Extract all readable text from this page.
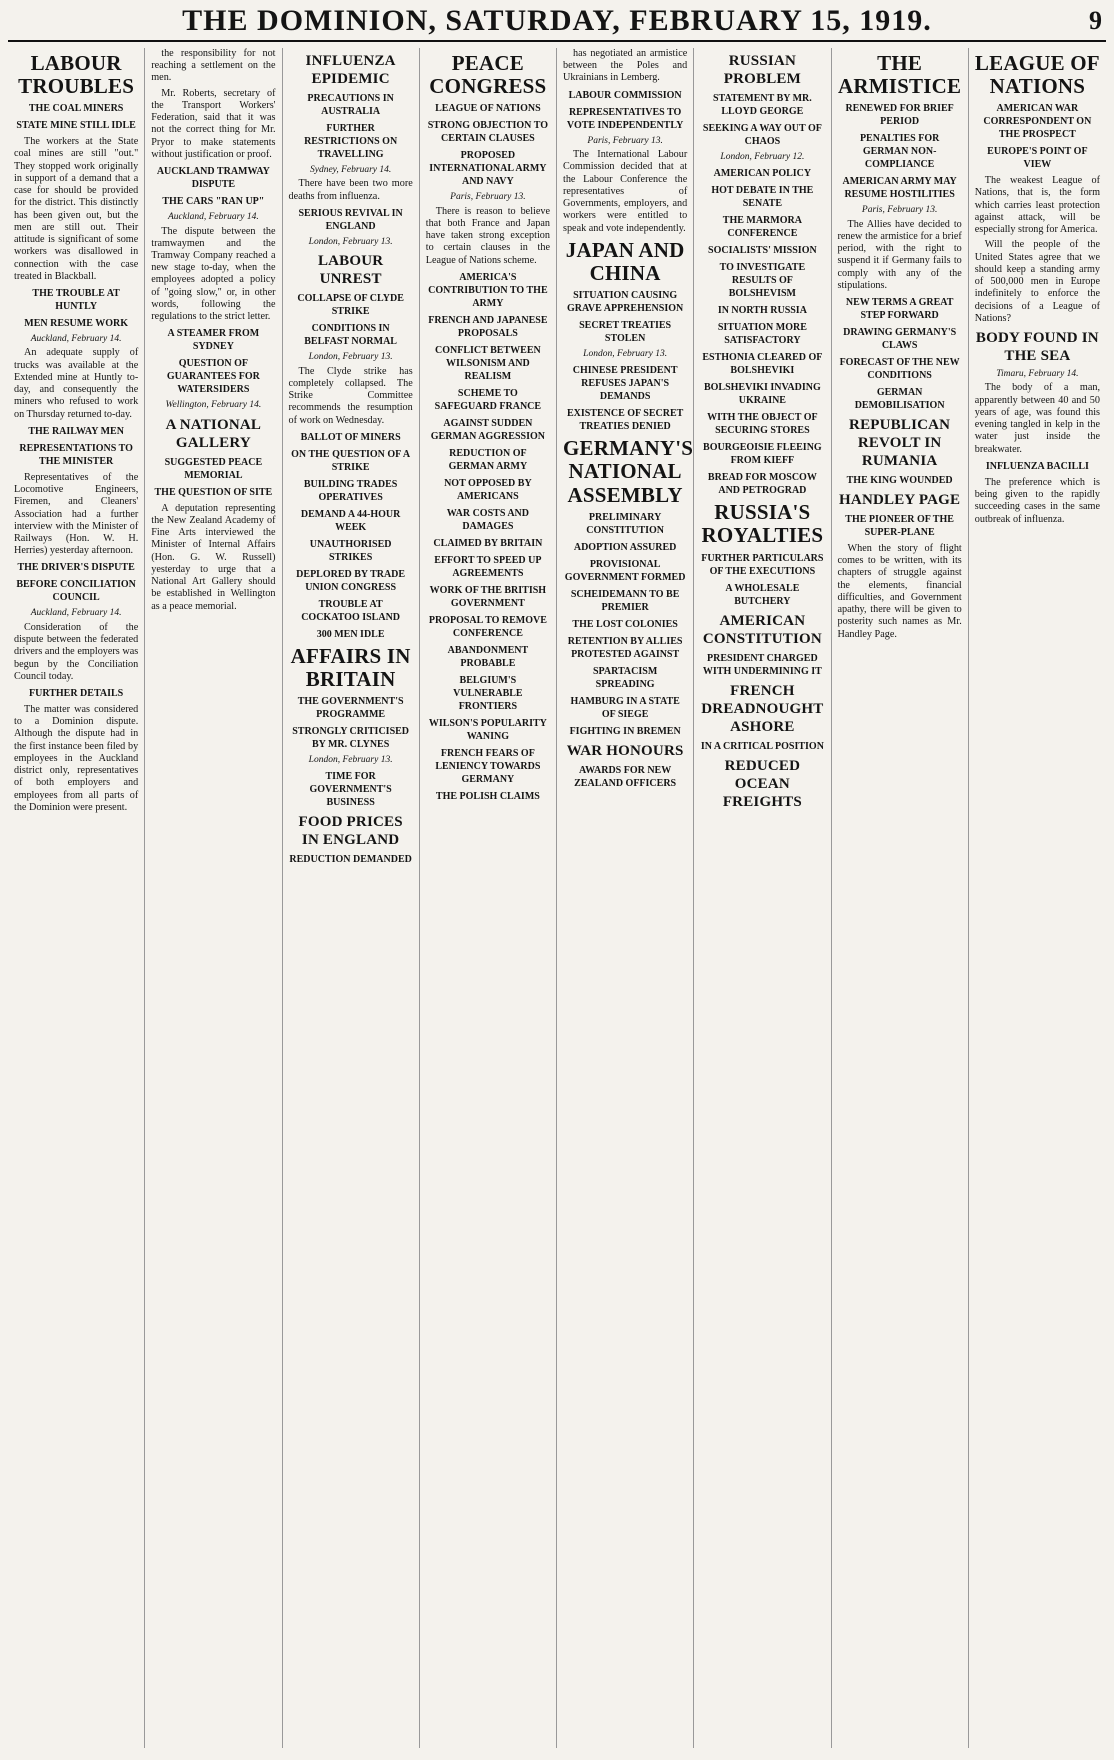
THE DOMINION, SATURDAY, FEBRUARY 15, 1919.	9
LABOUR TROUBLES
THE COAL MINERS
STATE MINE STILL IDLE

The workers at the State coal mines are still "out." They stopped work originally in support of a demand that a case for should be provided for the district. This distinctly has been given out, but the men are still out. Their attitude is significant of some workers was disallowed in connection with the case treated in Blackball.

THE TROUBLE AT HUNTLY
MEN RESUME WORK
Auckland, February 14.

An adequate supply of trucks was available at the Extended mine at Huntly to-day, and consequently the miners who refused to work on Thursday returned to-day.

THE RAILWAY MEN
REPRESENTATIONS TO THE MINISTER

Representatives of the Locomotive Engineers, Firemen, and Cleaners' Association had a further interview with the Minister of Railways (Hon. W. H. Herries) yesterday afternoon.

THE DRIVER'S DISPUTE
BEFORE CONCILIATION COUNCIL
Auckland, February 14.

Consideration of the dispute between the federated drivers and the employers was begun by the Conciliation Council today.

FURTHER DETAILS

The matter was considered to a Dominion dispute. Although the dispute had in the first instance been filed by employees in the Auckland district only, representatives of both employers and employees from all parts of the Dominion were present.

the responsibility for not reaching a settlement on the men.

Mr. Roberts, secretary of the Transport Workers' Federation, said that it was not the correct thing for Mr. Pryor to make statements without justification or proof.

AUCKLAND TRAMWAY DISPUTE
THE CARS "RAN UP"
Auckland, February 14.

The dispute between the tramwaymen and the Tramway Company reached a new stage to-day, when the employees adopted a policy of "going slow," or, in other words, following the regulations to the strict letter.

A STEAMER FROM SYDNEY
QUESTION OF GUARANTEES FOR WATERSIDERS
Wellington, February 14.
A NATIONAL GALLERY
SUGGESTED PEACE MEMORIAL
THE QUESTION OF SITE

A deputation representing the New Zealand Academy of Fine Arts interviewed the Minister of Internal Affairs (Hon. G. W. Russell) yesterday to urge that a National Art Gallery should be established in Wellington as a peace memorial.

INFLUENZA EPIDEMIC
PRECAUTIONS IN AUSTRALIA
FURTHER RESTRICTIONS ON TRAVELLING
Sydney, February 14.

There have been two more deaths from influenza.

SERIOUS REVIVAL IN ENGLAND
London, February 13.
LABOUR UNREST
COLLAPSE OF CLYDE STRIKE
CONDITIONS IN BELFAST NORMAL
London, February 13.

The Clyde strike has completely collapsed. The Strike Committee recommends the resumption of work on Wednesday.

BALLOT OF MINERS
ON THE QUESTION OF A STRIKE
BUILDING TRADES OPERATIVES
DEMAND A 44-HOUR WEEK
UNAUTHORISED STRIKES
DEPLORED BY TRADE UNION CONGRESS
TROUBLE AT COCKATOO ISLAND
300 MEN IDLE
AFFAIRS IN BRITAIN
THE GOVERNMENT'S PROGRAMME
STRONGLY CRITICISED BY MR. CLYNES
London, February 13.
TIME FOR GOVERNMENT'S BUSINESS
FOOD PRICES IN ENGLAND
REDUCTION DEMANDED
PEACE CONGRESS
LEAGUE OF NATIONS
STRONG OBJECTION TO CERTAIN CLAUSES
PROPOSED INTERNATIONAL ARMY AND NAVY
Paris, February 13.

There is reason to believe that both France and Japan have taken strong exception to certain clauses in the League of Nations scheme.

AMERICA'S CONTRIBUTION TO THE ARMY
FRENCH AND JAPANESE PROPOSALS
CONFLICT BETWEEN WILSONISM AND REALISM
SCHEME TO SAFEGUARD FRANCE
AGAINST SUDDEN GERMAN AGGRESSION
REDUCTION OF GERMAN ARMY
NOT OPPOSED BY AMERICANS
WAR COSTS AND DAMAGES
CLAIMED BY BRITAIN
EFFORT TO SPEED UP AGREEMENTS
WORK OF THE BRITISH GOVERNMENT
PROPOSAL TO REMOVE CONFERENCE
ABANDONMENT PROBABLE
BELGIUM'S VULNERABLE FRONTIERS
WILSON'S POPULARITY WANING
FRENCH FEARS OF LENIENCY TOWARDS GERMANY
THE POLISH CLAIMS

has negotiated an armistice between the Poles and Ukrainians in Lemberg.

LABOUR COMMISSION
REPRESENTATIVES TO VOTE INDEPENDENTLY
Paris, February 13.

The International Labour Commission decided that at the Labour Conference the representatives of Governments, employers, and workers were entitled to speak and vote independently.

JAPAN AND CHINA
SITUATION CAUSING GRAVE APPREHENSION
SECRET TREATIES STOLEN
London, February 13.
CHINESE PRESIDENT REFUSES JAPAN'S DEMANDS
EXISTENCE OF SECRET TREATIES DENIED
GERMANY'S NATIONAL ASSEMBLY
PRELIMINARY CONSTITUTION
ADOPTION ASSURED
PROVISIONAL GOVERNMENT FORMED
SCHEIDEMANN TO BE PREMIER
THE LOST COLONIES
RETENTION BY ALLIES PROTESTED AGAINST
SPARTACISM SPREADING
HAMBURG IN A STATE OF SIEGE
FIGHTING IN BREMEN
WAR HONOURS
AWARDS FOR NEW ZEALAND OFFICERS
RUSSIAN PROBLEM
STATEMENT BY MR. LLOYD GEORGE
SEEKING A WAY OUT OF CHAOS
London, February 12.
AMERICAN POLICY
HOT DEBATE IN THE SENATE
THE MARMORA CONFERENCE
SOCIALISTS' MISSION
TO INVESTIGATE RESULTS OF BOLSHEVISM
IN NORTH RUSSIA
SITUATION MORE SATISFACTORY
ESTHONIA CLEARED OF BOLSHEVIKI
BOLSHEVIKI INVADING UKRAINE
WITH THE OBJECT OF SECURING STORES
BOURGEOISIE FLEEING FROM KIEFF
BREAD FOR MOSCOW AND PETROGRAD
RUSSIA'S ROYALTIES
FURTHER PARTICULARS OF THE EXECUTIONS
A WHOLESALE BUTCHERY
AMERICAN CONSTITUTION
PRESIDENT CHARGED WITH UNDERMINING IT
FRENCH DREADNOUGHT ASHORE
IN A CRITICAL POSITION
REDUCED OCEAN FREIGHTS
THE ARMISTICE
RENEWED FOR BRIEF PERIOD
PENALTIES FOR GERMAN NON-COMPLIANCE
AMERICAN ARMY MAY RESUME HOSTILITIES
Paris, February 13.

The Allies have decided to renew the armistice for a brief period, with the right to suspend it if Germany fails to comply with any of the stipulations.

NEW TERMS A GREAT STEP FORWARD
DRAWING GERMANY'S CLAWS
FORECAST OF THE NEW CONDITIONS
GERMAN DEMOBILISATION
REPUBLICAN REVOLT IN RUMANIA
THE KING WOUNDED
HANDLEY PAGE
THE PIONEER OF THE SUPER-PLANE

When the story of flight comes to be written, with its chapters of struggle against the elements, financial difficulties, and Government apathy, there will be given to posterity such names as Mr. Handley Page.

LEAGUE OF NATIONS
AMERICAN WAR CORRESPONDENT ON THE PROSPECT
EUROPE'S POINT OF VIEW

The weakest League of Nations, that is, the form which carries least protection against attack, will be especially strong for America.

Will the people of the United States agree that we should keep a standing army of 500,000 men in Europe indefinitely to enforce the decisions of a League of Nations?

BODY FOUND IN THE SEA
Timaru, February 14.

The body of a man, apparently between 40 and 50 years of age, was found this evening tangled in kelp in the water just inside the breakwater.

INFLUENZA BACILLI

The preference which is being given to the rapidly succeeding cases in the same outbreak of influenza.
